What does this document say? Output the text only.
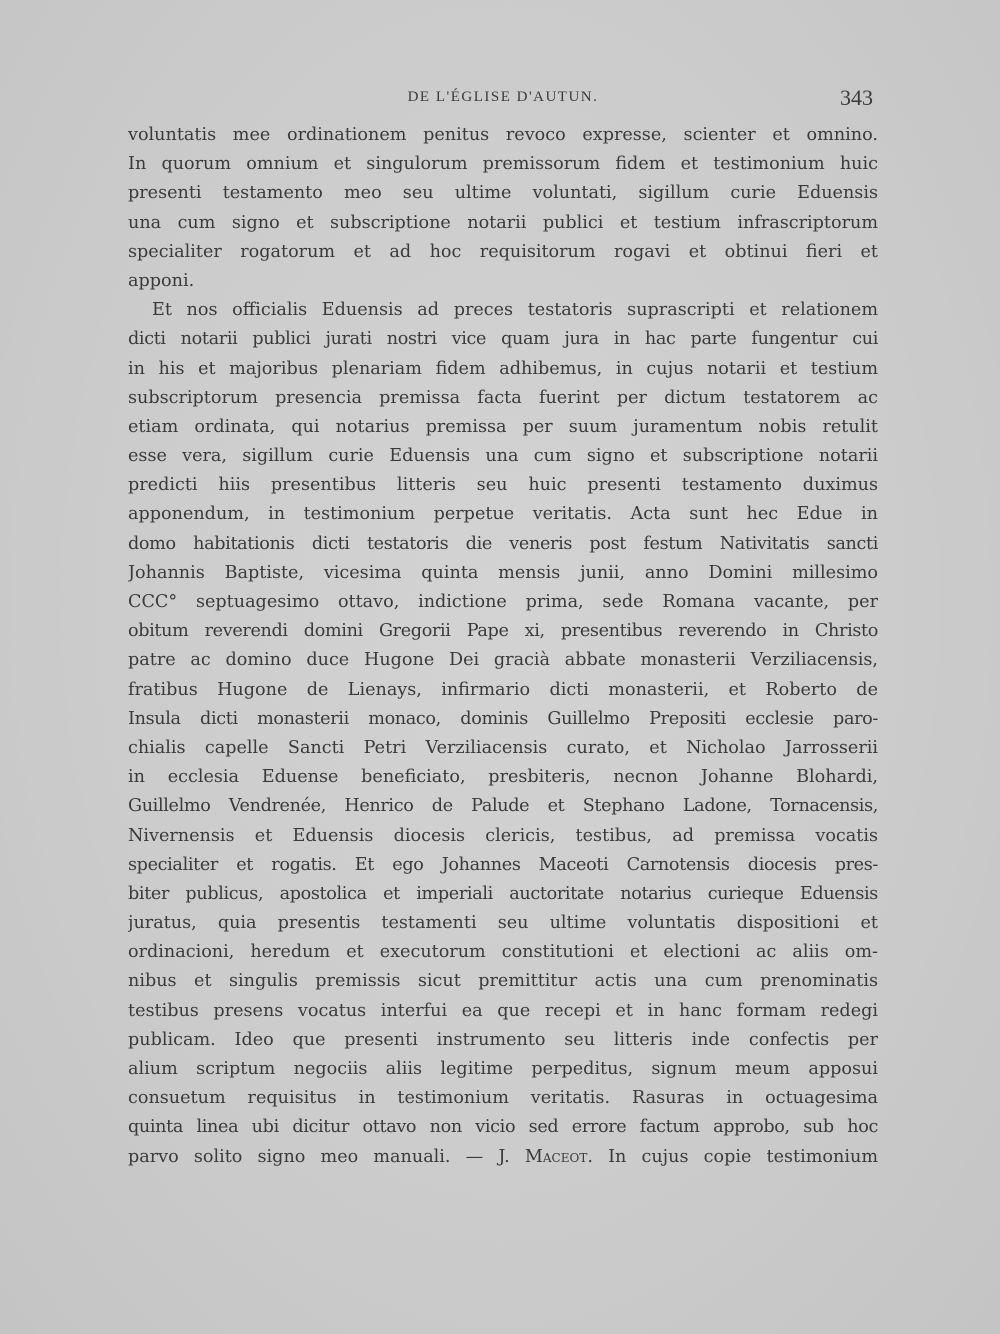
DE L'ÉGLISE D'AUTUN.	343
voluntatis mee ordinationem penitus revoco expresse, scienter et omnino.
In quorum omnium et singulorum premissorum fidem et testimonium huic
presenti testamento meo seu ultime voluntati, sigillum curie Eduensis
una cum signo et subscriptione notarii publici et testium infrascriptorum
specialiter rogatorum et ad hoc requisitorum rogavi et obtinui fieri et
apponi.
Et nos officialis Eduensis ad preces testatoris suprascripti et relationem
dicti notarii publici jurati nostri vice quam jura in hac parte fungentur cui
in his et majoribus plenariam fidem adhibemus, in cujus notarii et testium
subscriptorum presencia premissa facta fuerint per dictum testatorem ac
etiam ordinata, qui notarius premissa per suum juramentum nobis retulit
esse vera, sigillum curie Eduensis una cum signo et subscriptione notarii
predicti hiis presentibus litteris seu huic presenti testamento duximus
apponendum, in testimonium perpetue veritatis. Acta sunt hec Edue in
domo habitationis dicti testatoris die veneris post festum Nativitatis sancti
Johannis Baptiste, vicesima quinta mensis junii, anno Domini millesimo
CCC° septuagesimo ottavo, indictione prima, sede Romana vacante, per
obitum reverendi domini Gregorii Pape xi, presentibus reverendo in Christo
patre ac domino duce Hugone Dei gracià abbate monasterii Verziliacensis,
fratibus Hugone de Lienays, infirmario dicti monasterii, et Roberto de
Insula dicti monasterii monaco, dominis Guillelmo Prepositi ecclesie paro-
chialis capelle Sancti Petri Verziliacensis curato, et Nicholao Jarrosserii
in ecclesia Eduense beneficiato, presbiteris, necnon Johanne Blohardi,
Guillelmo Vendrenée, Henrico de Palude et Stephano Ladone, Tornacensis,
Nivernensis et Eduensis diocesis clericis, testibus, ad premissa vocatis
specialiter et rogatis. Et ego Johannes Maceoti Carnotensis diocesis pres-
biter publicus, apostolica et imperiali auctoritate notarius curieque Eduensis
juratus, quia presentis testamenti seu ultime voluntatis dispositioni et
ordinacioni, heredum et executorum constitutioni et electioni ac aliis om-
nibus et singulis premissis sicut premittitur actis una cum prenominatis
testibus presens vocatus interfui ea que recepi et in hanc formam redegi
publicam. Ideo que presenti instrumento seu litteris inde confectis per
alium scriptum negociis aliis legitime perpeditus, signum meum apposui
consuetum requisitus in testimonium veritatis. Rasuras in octuagesima
quinta linea ubi dicitur ottavo non vicio sed errore factum approbo, sub hoc
parvo solito signo meo manuali. — J. Maceot. In cujus copie testimonium
